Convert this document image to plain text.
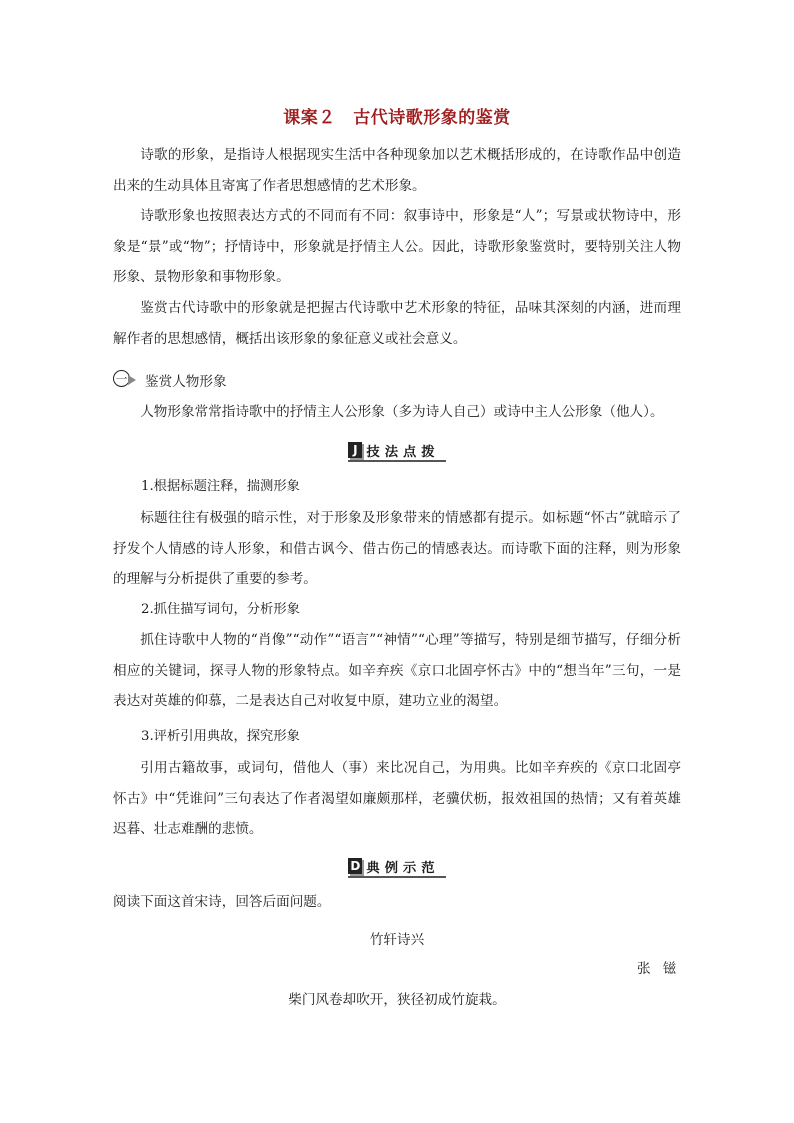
课案２　古代诗歌形象的鉴赏

诗歌的形象，是指诗人根据现实生活中各种现象加以艺术概括形成的，在诗歌作品中创造出来的生动具体且寄寓了作者思想感情的艺术形象。

诗歌形象也按照表达方式的不同而有不同：叙事诗中，形象是“人”；写景或状物诗中，形象是“景”或“物”；抒情诗中，形象就是抒情主人公。因此，诗歌形象鉴赏时，要特别关注人物形象、景物形象和事物形象。

鉴赏古代诗歌中的形象就是把握古代诗歌中艺术形象的特征，品味其深刻的内涵，进而理解作者的思想感情，概括出该形象的象征意义或社会意义。

一 鉴赏人物形象

人物形象常常指诗歌中的抒情主人公形象（多为诗人自己）或诗中主人公形象（他人）。

J 技法点拨
1.根据标题注释，揣测形象

标题往往有极强的暗示性，对于形象及形象带来的情感都有提示。如标题“怀古”就暗示了抒发个人情感的诗人形象，和借古讽今、借古伤己的情感表达。而诗歌下面的注释，则为形象的理解与分析提供了重要的参考。

2.抓住描写词句，分析形象

抓住诗歌中人物的“肖像”“动作”“语言”“神情”“心理”等描写，特别是细节描写，仔细分析相应的关键词，探寻人物的形象特点。如辛弃疾《京口北固亭怀古》中的“想当年”三句，一是表达对英雄的仰慕，二是表达自己对收复中原，建功立业的渴望。

3.评析引用典故，探究形象

引用古籍故事，或词句，借他人（事）来比况自己，为用典。比如辛弃疾的《京口北固亭怀古》中“凭谁问”三句表达了作者渴望如廉颇那样，老骥伏枥，报效祖国的热情；又有着英雄迟暮、壮志难酬的悲愤。

D 典例示范

阅读下面这首宋诗，回答后面问题。

竹轩诗兴
张镃
柴门风卷却吹开，狭径初成竹旋栽。
